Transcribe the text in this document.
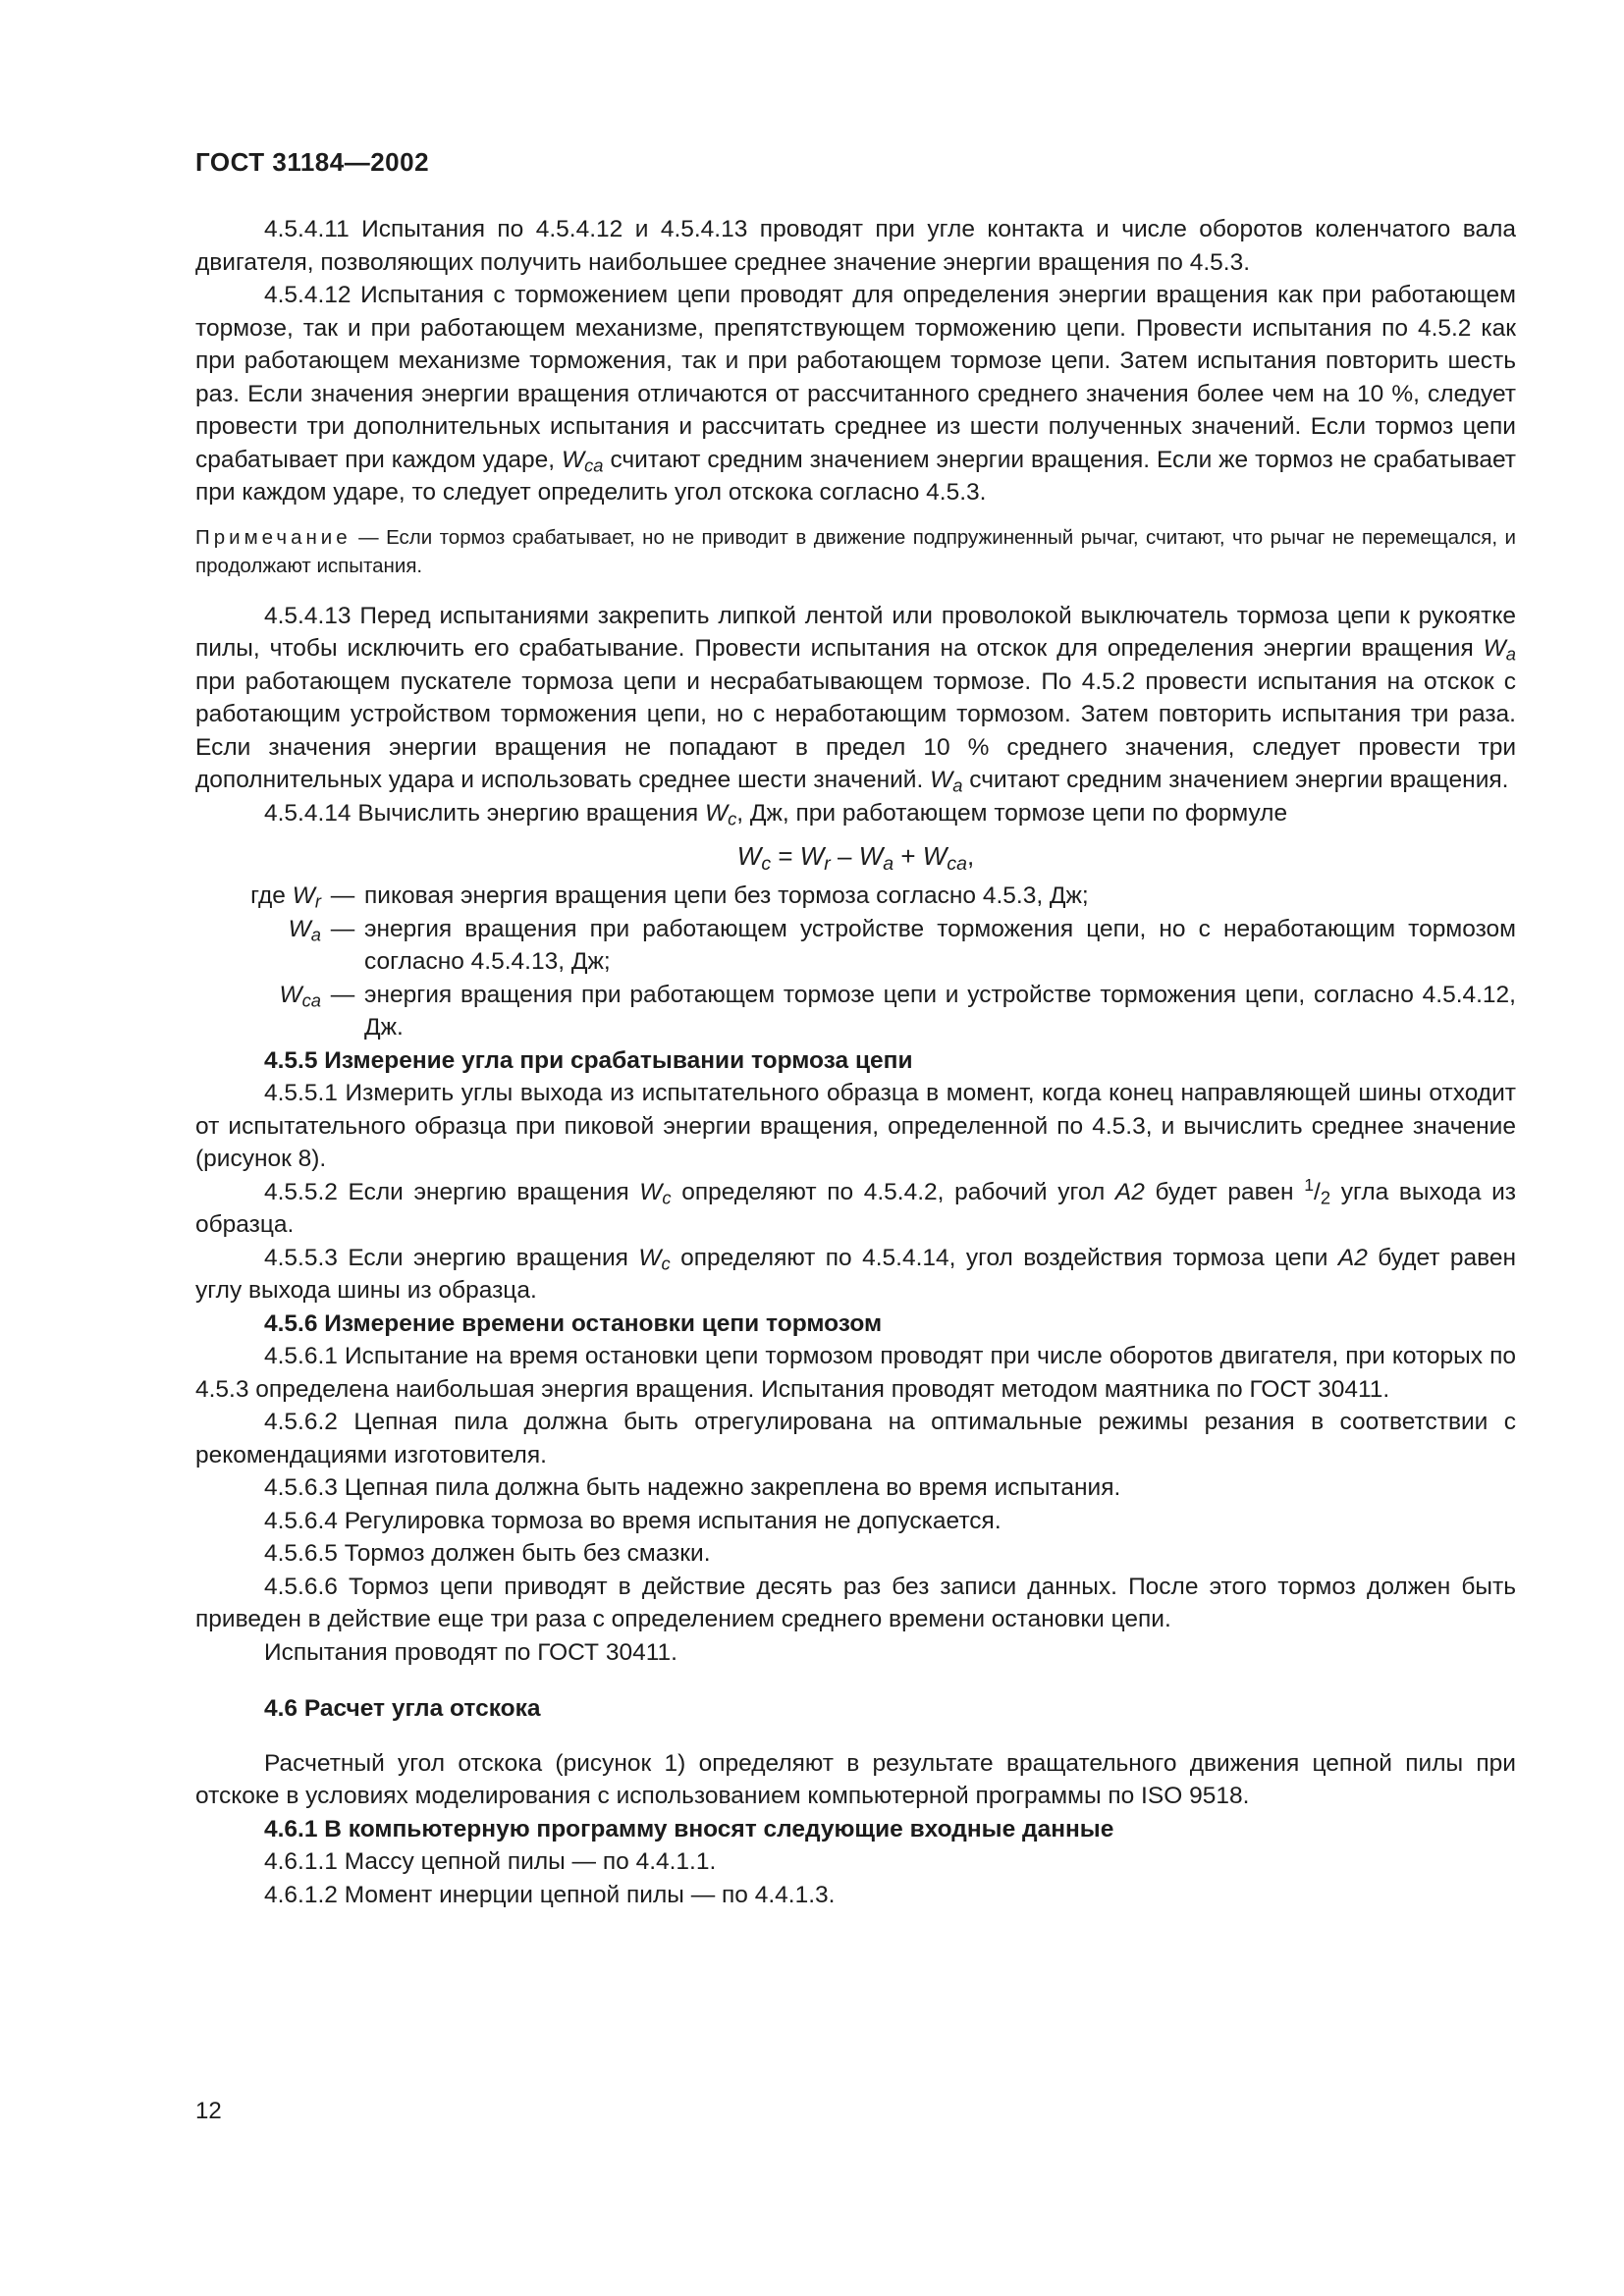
ГОСТ 31184—2002

4.5.4.11 Испытания по 4.5.4.12 и 4.5.4.13 проводят при угле контакта и числе оборотов коленчатого вала двигателя, позволяющих получить наибольшее среднее значение энергии вращения по 4.5.3.

4.5.4.12 Испытания с торможением цепи проводят для определения энергии вращения как при работающем тормозе, так и при работающем механизме, препятствующем торможению цепи. Провести испытания по 4.5.2 как при работающем механизме торможения, так и при работающем тормозе цепи. Затем испытания повторить шесть раз. Если значения энергии вращения отличаются от рассчитанного среднего значения более чем на 10 %, следует провести три дополнительных испытания и рассчитать среднее из шести полученных значений. Если тормоз цепи срабатывает при каждом ударе, $W_{ca}$ считают средним значением энергии вращения. Если же тормоз не срабатывает при каждом ударе, то следует определить угол отскока согласно 4.5.3.

Примечание — Если тормоз срабатывает, но не приводит в движение подпружиненный рычаг, считают, что рычаг не перемещался, и продолжают испытания.

4.5.4.13 Перед испытаниями закрепить липкой лентой или проволокой выключатель тормоза цепи к рукоятке пилы, чтобы исключить его срабатывание. Провести испытания на отскок для определения энергии вращения $W_a$ при работающем пускателе тормоза цепи и несрабатывающем тормозе. По 4.5.2 провести испытания на отскок с работающим устройством торможения цепи, но с неработающим тормозом. Затем повторить испытания три раза. Если значения энергии вращения не попадают в предел 10 % среднего значения, следует провести три дополнительных удара и использовать среднее шести значений. $W_a$ считают средним значением энергии вращения.

4.5.4.14 Вычислить энергию вращения $W_c$, Дж, при работающем тормозе цепи по формуле

$W_c = W_r - W_a + W_{ca}$,
где $W_r$ — пиковая энергия вращения цепи без тормоза согласно 4.5.3, Дж;
$W_a$ — энергия вращения при работающем устройстве торможения цепи, но с неработающим тормозом согласно 4.5.4.13, Дж;
$W_{ca}$ — энергия вращения при работающем тормозе цепи и устройстве торможения цепи, согласно 4.5.4.12, Дж.

4.5.5 Измерение угла при срабатывании тормоза цепи

4.5.5.1 Измерить углы выхода из испытательного образца в момент, когда конец направляющей шины отходит от испытательного образца при пиковой энергии вращения, определенной по 4.5.3, и вычислить среднее значение (рисунок 8).

4.5.5.2 Если энергию вращения $W_c$ определяют по 4.5.4.2, рабочий угол A2 будет равен $^1/_2$ угла выхода из образца.

4.5.5.3 Если энергию вращения $W_c$ определяют по 4.5.4.14, угол воздействия тормоза цепи A2 будет равен углу выхода шины из образца.

4.5.6 Измерение времени остановки цепи тормозом

4.5.6.1 Испытание на время остановки цепи тормозом проводят при числе оборотов двигателя, при которых по 4.5.3 определена наибольшая энергия вращения. Испытания проводят методом маятника по ГОСТ 30411.

4.5.6.2 Цепная пила должна быть отрегулирована на оптимальные режимы резания в соответствии с рекомендациями изготовителя.

4.5.6.3 Цепная пила должна быть надежно закреплена во время испытания.

4.5.6.4 Регулировка тормоза во время испытания не допускается.

4.5.6.5 Тормоз должен быть без смазки.

4.5.6.6 Тормоз цепи приводят в действие десять раз без записи данных. После этого тормоз должен быть приведен в действие еще три раза с определением среднего времени остановки цепи.

Испытания проводят по ГОСТ 30411.

4.6 Расчет угла отскока

Расчетный угол отскока (рисунок 1) определяют в результате вращательного движения цепной пилы при отскоке в условиях моделирования с использованием компьютерной программы по ISO 9518.

4.6.1 В компьютерную программу вносят следующие входные данные

4.6.1.1 Массу цепной пилы — по 4.4.1.1.

4.6.1.2 Момент инерции цепной пилы — по 4.4.1.3.

12
